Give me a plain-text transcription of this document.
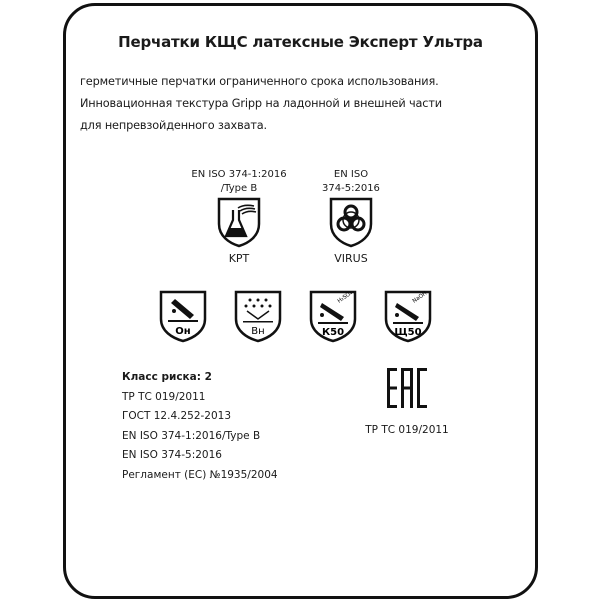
Перчатки КЩС латексные Эксперт Ультра
герметичные перчатки ограниченного срока использования.
Инновационная текстура Gripp на ладонной и внешней части
для непревзойденного захвата.
EN ISO 374-1:2016
/Type B
KPT
EN ISO
374-5:2016
VIRUS
Он	Вн
H₂SO₄
К50
NaOH
Щ50
Класс риска: 2
ТР ТС 019/2011
ГОСТ 12.4.252-2013
EN ISO 374-1:2016/Type B
EN ISO 374-5:2016
Регламент (ЕС) №1935/2004
ТР ТС 019/2011
